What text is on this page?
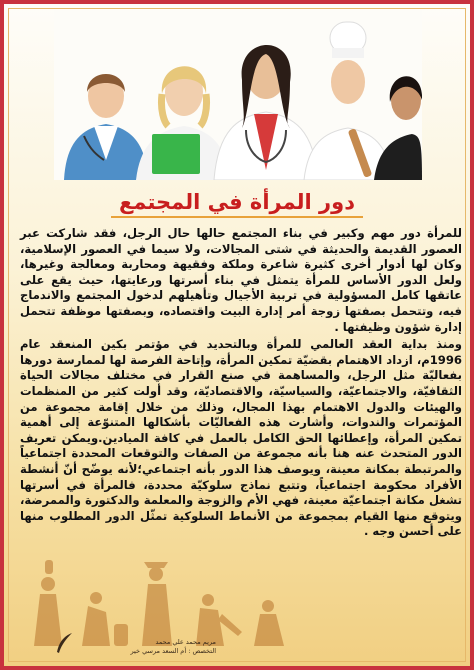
دور المرأة في المجتمع

للمرأة دور مهم وكبير في بناء المجتمع حالها حال الرجل، فقد شاركت عبر العصور القديمة والحديثة في شتى المجالات، ولا سيما في العصور الإسلامية، وكان لها أدوار أخرى كثيرة شاعرة وملكة وفقيهة ومحاربة ومعالجة وغيرها، ولعل الدور الأساس للمرأة يتمثل في بناء أسرتها ورعايتها، حيث يقع على عاتقها كامل المسؤولية في تربية الأجيال وتأهيلهم لدخول المجتمع والاندماج فيه، وتتحمل بصفتها زوجة أمر إدارة البيت واقتصاده، وبصفتها موظفة تتحمل إدارة شؤون وظيفتها .

ومنذ بداية العقد العالمي للمرأة وبالتحديد في مؤتمر بكين المنعقد عام 1996م، ازداد الاهتمام بقضيّة تمكين المرأة، وإتاحة الفرصة لها لممارسة دورها بفعاليّة مثل الرجل، والمساهمة في صنع القرار في مختلف مجالات الحياة الثقافيّة، والاجتماعيّة، والسياسيّة، والاقتصاديّة، وقد أولت كثير من المنظمات والهيئات والدول الاهتمام بهذا المجال، وذلك من خلال إقامة مجموعة من المؤتمرات والندوات، وأشارت هذه الفعاليّات بأشكالها المتنوّعة إلى أهمية تمكين المرأة، وإعطائها الحق الكامل بالعمل في كافة الميادين.ويمكن تعريف الدور المتحدث عنه هنا بأنه مجموعة من الصفات والتوقعات المحددة اجتماعياً والمرتبطة بمكانة معينة، ويوصف هذا الدور بأنه اجتماعي؛لأنه يوضّح أنّ أنشطة الأفراد محكومة اجتماعياً، وتتبع نماذج سلوكيّة محددة، فالمرأة في أسرتها تشغل مكانة اجتماعيّة معينة، فهي الأم والزوجة والمعلمة والدكتورة والممرضة، ويتوقع منها القيام بمجموعة من الأنماط السلوكية تمثّل الدور المطلوب منها على أحسن وجه .

مريم محمد علي محمد
التخصص : أم السعد مرسي خير
